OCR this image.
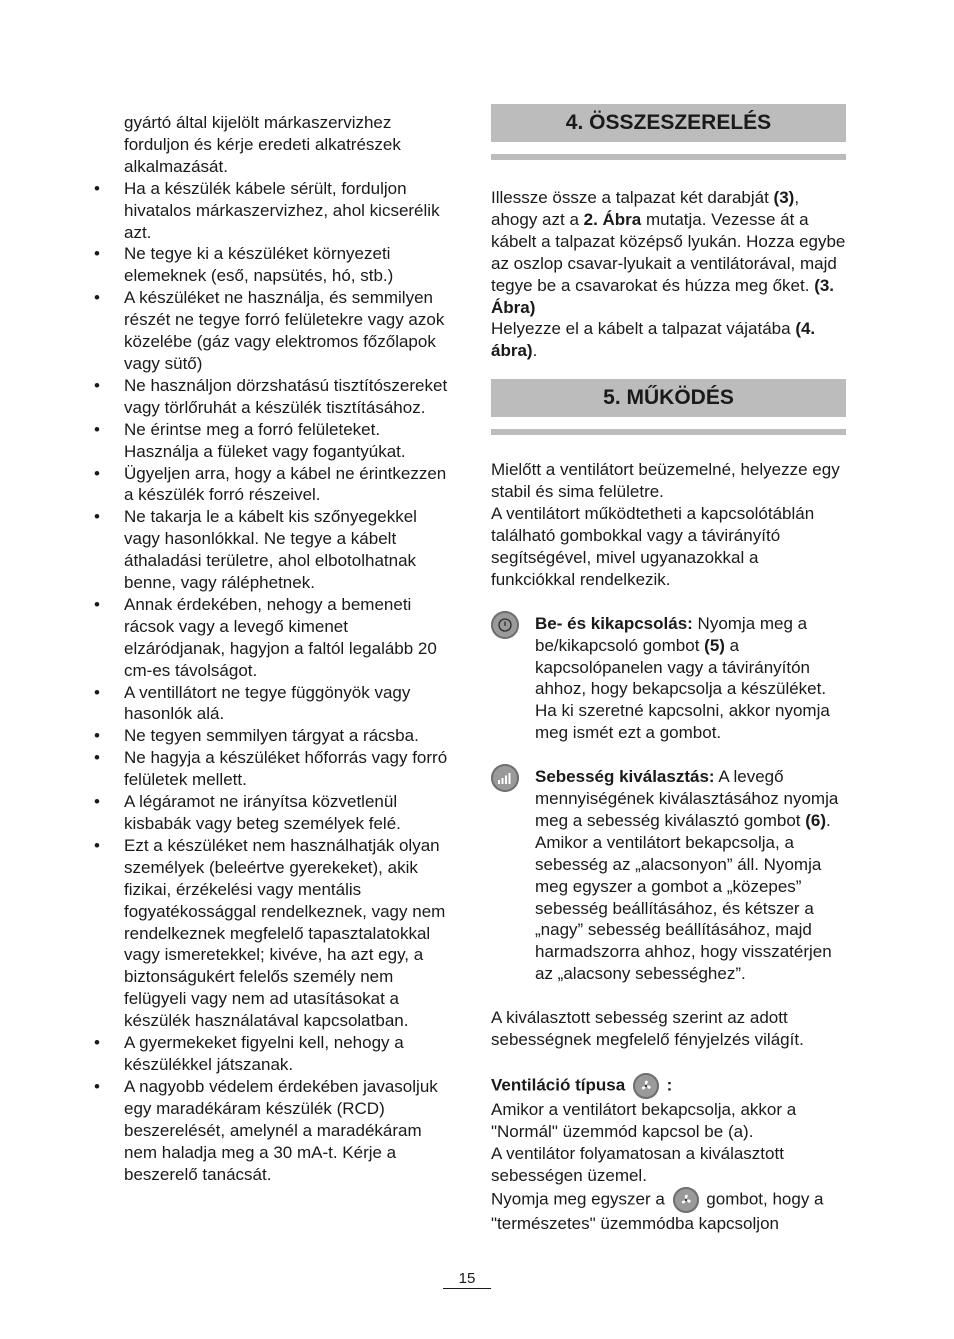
gyártó által kijelölt márkaszervizhez forduljon és kérje eredeti alkatrészek alkalmazását.

• Ha a készülék kábele sérült, forduljon hivatalos márkaszervizhez, ahol kicserélik azt.
• Ne tegye ki a készüléket környezeti elemeknek (eső, napsütés, hó, stb.)
• A készüléket ne használja, és semmilyen részét ne tegye forró felületekre vagy azok közelébe (gáz vagy elektromos főzőlapok vagy sütő)
• Ne használjon dörzshatású tisztítószereket vagy törlőruhát a készülék tisztításához.
• Ne érintse meg a forró felületeket. Használja a füleket vagy fogantyúkat.
• Ügyeljen arra, hogy a kábel ne érintkezzen a készülék forró részeivel.
• Ne takarja le a kábelt kis szőnyegekkel vagy hasonlókkal. Ne tegye a kábelt áthaladási területre, ahol elbotolhatnak benne, vagy ráléphetnek.
• Annak érdekében, nehogy a bemeneti rácsok vagy a levegő kimenet elzáródjanak, hagyjon a faltól legalább 20 cm-es távolságot.
• A ventillátort ne tegye függönyök vagy hasonlók alá.
• Ne tegyen semmilyen tárgyat a rácsba.
• Ne hagyja a készüléket hőforrás vagy forró felületek mellett.
• A légáramot ne irányítsa közvetlenül kisbabák vagy beteg személyek felé.
• Ezt a készüléket nem használhatják olyan személyek (beleértve gyerekeket), akik fizikai, érzékelési vagy mentális fogyatékossággal rendelkeznek, vagy nem rendelkeznek megfelelő tapasztalatokkal vagy ismeretekkel; kivéve, ha azt egy, a biztonságukért felelős személy nem felügyeli vagy nem ad utasításokat a készülék használatával kapcsolatban.
• A gyermekeket figyelni kell, nehogy a készülékkel játszanak.
• A nagyobb védelem érdekében javasoljuk egy maradékáram készülék (RCD) beszerelését, amelynél a maradékáram nem haladja meg a 30 mA-t. Kérje a beszerelő tanácsát.
4. ÖSSZESZERELÉS

Illessze össze a talpazat két darabját (3), ahogy azt a 2. Ábra mutatja. Vezesse át a kábelt a talpazat középső lyukán. Hozza egybe az oszlop csavar-lyukait a ventilátorával, majd tegye be a csavarokat és húzza meg őket. (3. Ábra)
Helyezze el a kábelt a talpazat vájatába (4. ábra).

5. MŰKÖDÉS

Mielőtt a ventilátort beüzemelné, helyezze egy stabil és sima felületre.

A ventilátort működtetheti a kapcsolótáblán található gombokkal vagy a távirányító segítségével, mivel ugyanazokkal a funkciókkal rendelkezik.

Be- és kikapcsolás: Nyomja meg a be/kikapcsoló gombot (5) a kapcsolópanelen vagy a távirányítón ahhoz, hogy bekapcsolja a készüléket. Ha ki szeretné kapcsolni, akkor nyomja meg ismét ezt a gombot.

Sebesség kiválasztás: A levegő mennyiségének kiválasztásához nyomja meg a sebesség kiválasztó gombot (6). Amikor a ventilátort bekapcsolja, a sebesség az „alacsonyon” áll. Nyomja meg egyszer a gombot a „közepes” sebesség beállításához, és kétszer a „nagy” sebesség beállításához, majd harmadszorra ahhoz, hogy visszatérjen az „alacsony sebességhez”.

A kiválasztott sebesség szerint az adott sebességnek megfelelő fényjelzés világít.

Ventiláció típusa :

Amikor a ventilátort bekapcsolja, akkor a "Normál" üzemmód kapcsol be (a).

A ventilátor folyamatosan a kiválasztott sebességen üzemel.

Nyomja meg egyszer a
gombot, hogy a "természetes" üzemmódba kapcsoljon

15
